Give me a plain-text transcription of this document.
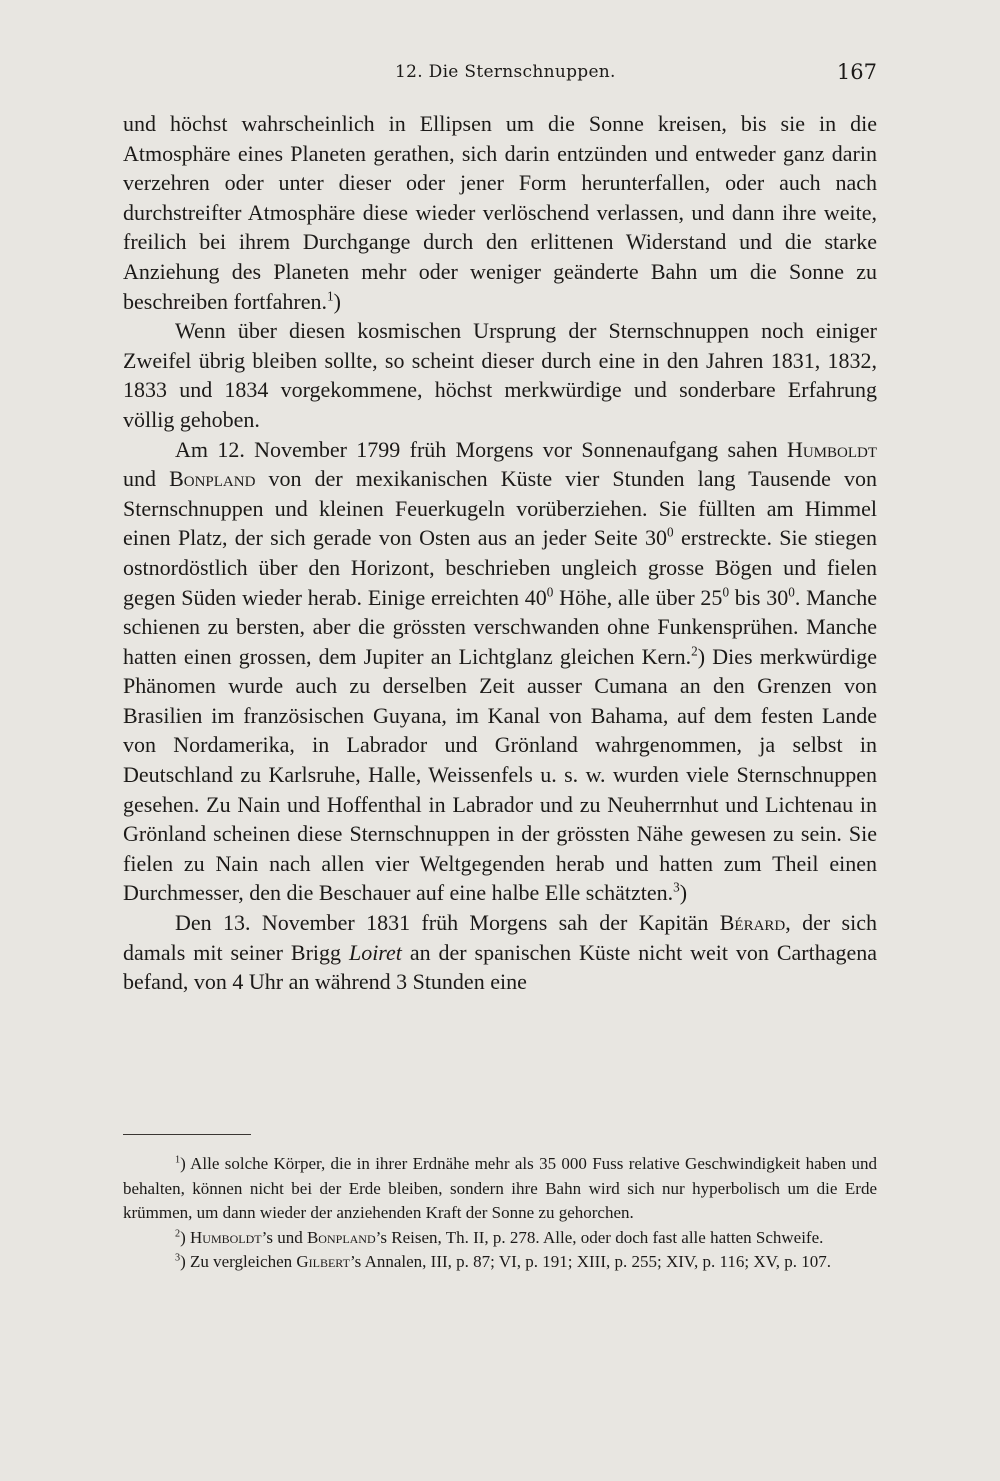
12. Die Sternschnuppen.	167

und höchst wahrscheinlich in Ellipsen um die Sonne kreisen, bis sie in die Atmosphäre eines Planeten gerathen, sich darin entzünden und entweder ganz darin verzehren oder unter dieser oder jener Form herunterfallen, oder auch nach durchstreifter Atmosphäre diese wieder verlöschend verlassen, und dann ihre weite, freilich bei ihrem Durchgange durch den erlittenen Widerstand und die starke Anziehung des Planeten mehr oder weniger geänderte Bahn um die Sonne zu beschreiben fortfahren.$^1$)

Wenn über diesen kosmischen Ursprung der Sternschnuppen noch einiger Zweifel übrig bleiben sollte, so scheint dieser durch eine in den Jahren 1831, 1832, 1833 und 1834 vorgekommene, höchst merkwürdige und sonderbare Erfahrung völlig gehoben.

Am 12. November 1799 früh Morgens vor Sonnenaufgang sahen Humboldt und Bonpland von der mexikanischen Küste vier Stunden lang Tausende von Sternschnuppen und kleinen Feuerkugeln vorüberziehen. Sie füllten am Himmel einen Platz, der sich gerade von Osten aus an jeder Seite $30^0$ erstreckte. Sie stiegen ostnordöstlich über den Horizont, beschrieben ungleich grosse Bögen und fielen gegen Süden wieder herab. Einige erreichten $40^0$ Höhe, alle über $25^0$ bis $30^0$. Manche schienen zu bersten, aber die grössten verschwanden ohne Funkensprühen. Manche hatten einen grossen, dem Jupiter an Lichtglanz gleichen Kern.$^2$) Dies merkwürdige Phänomen wurde auch zu derselben Zeit ausser Cumana an den Grenzen von Brasilien im französischen Guyana, im Kanal von Bahama, auf dem festen Lande von Nordamerika, in Labrador und Grönland wahrgenommen, ja selbst in Deutschland zu Karlsruhe, Halle, Weissenfels u. s. w. wurden viele Sternschnuppen gesehen. Zu Nain und Hoffenthal in Labrador und zu Neuherrnhut und Lichtenau in Grönland scheinen diese Sternschnuppen in der grössten Nähe gewesen zu sein. Sie fielen zu Nain nach allen vier Weltgegenden herab und hatten zum Theil einen Durchmesser, den die Beschauer auf eine halbe Elle schätzten.$^3$)

Den 13. November 1831 früh Morgens sah der Kapitän Bérard, der sich damals mit seiner Brigg Loiret an der spanischen Küste nicht weit von Carthagena befand, von 4 Uhr an während 3 Stunden eine

$^1$) Alle solche Körper, die in ihrer Erdnähe mehr als 35 000 Fuss relative Geschwindigkeit haben und behalten, können nicht bei der Erde bleiben, sondern ihre Bahn wird sich nur hyperbolisch um die Erde krümmen, um dann wieder der anziehenden Kraft der Sonne zu gehorchen.

$^2$) Humboldt’s und Bonpland’s Reisen, Th. II, p. 278. Alle, oder doch fast alle hatten Schweife.

$^3$) Zu vergleichen Gilbert’s Annalen, III, p. 87; VI, p. 191; XIII, p. 255; XIV, p. 116; XV, p. 107.
